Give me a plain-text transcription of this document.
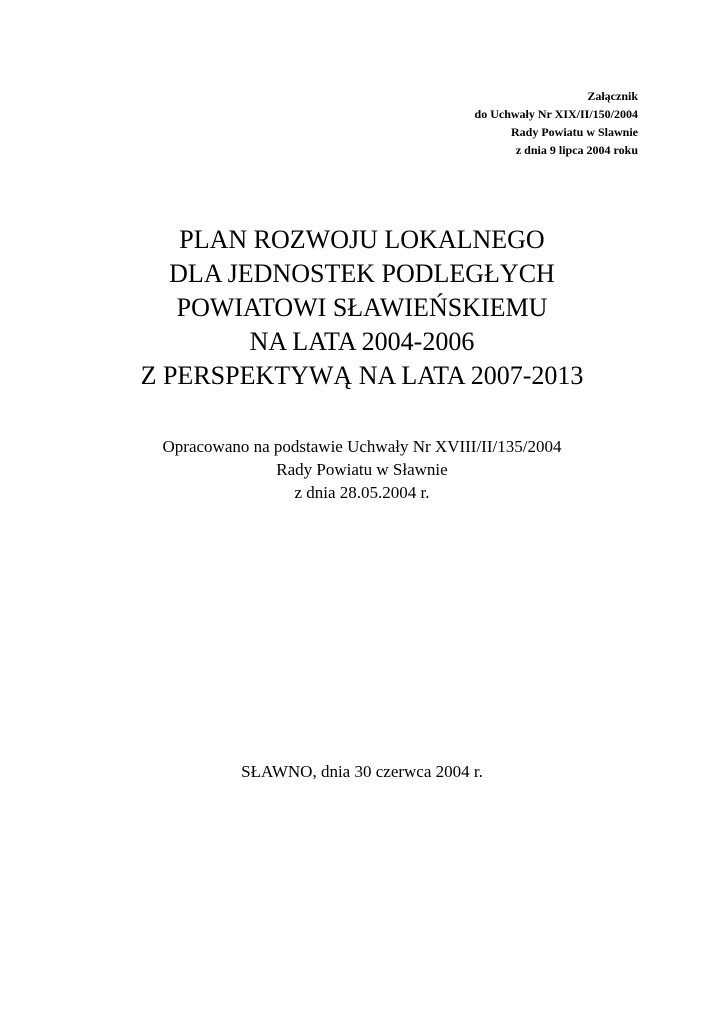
Załącznik
do Uchwały Nr XIX/II/150/2004
Rady Powiatu w Slawnie
z dnia 9 lipca 2004 roku
PLAN ROZWOJU LOKALNEGO
DLA JEDNOSTEK PODLEGŁYCH
POWIATOWI SŁAWIEŃSKIEMU
NA LATA 2004-2006
Z PERSPEKTYWĄ NA LATA 2007-2013
Opracowano na podstawie Uchwały Nr XVIII/II/135/2004
Rady Powiatu w Sławnie
z dnia 28.05.2004 r.
SŁAWNO, dnia 30 czerwca 2004 r.
